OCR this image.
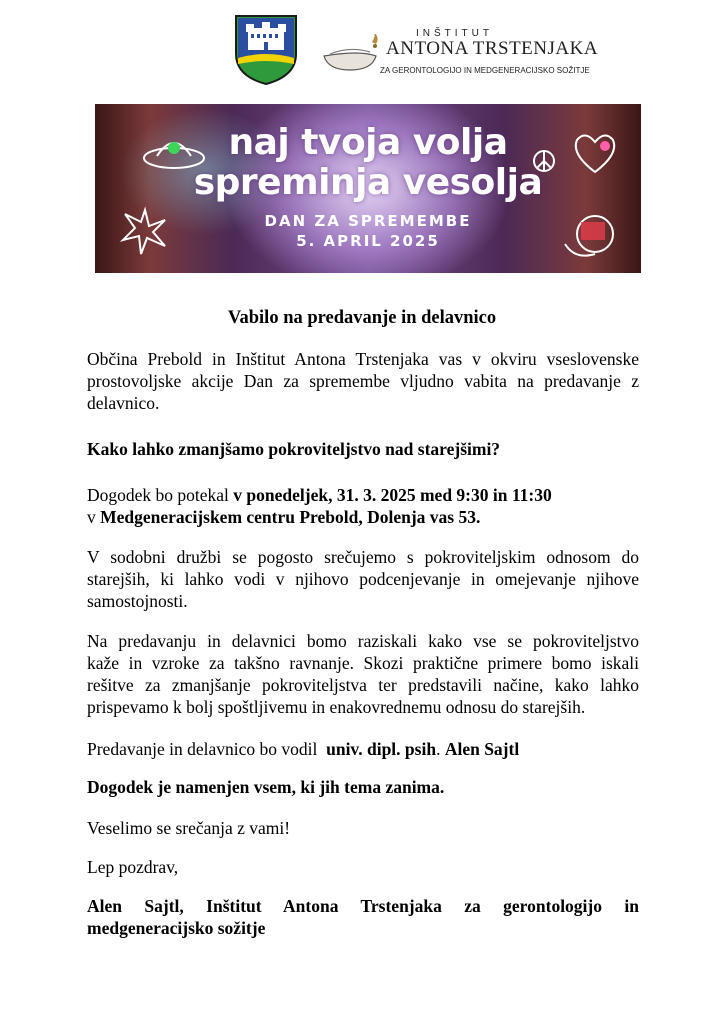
INŠTITUT
ANTONA TRSTENJAKA
ZA GERONTOLOGIJO IN MEDGENERACIJSKO SOŽITJE
naj tvoja volja
spreminja vesolja
DAN ZA SPREMEMBE
5. APRIL 2025
Vabilo na predavanje in delavnico
Občina Prebold in Inštitut Antona Trstenjaka vas v okviru vseslovenske
prostovoljske akcije Dan za spremembe vljudno vabita na predavanje z
delavnico.
Kako lahko zmanjšamo pokroviteljstvo nad starejšimi?
Dogodek bo potekal v ponedeljek, 31. 3. 2025 med 9:30 in 11:30
v Medgeneracijskem centru Prebold, Dolenja vas 53.
V sodobni družbi se pogosto srečujemo s pokroviteljskim odnosom do
starejših, ki lahko vodi v njihovo podcenjevanje in omejevanje njihove
samostojnosti.
Na predavanju in delavnici bomo raziskali kako vse se pokroviteljstvo
kaže in vzroke za takšno ravnanje. Skozi praktične primere bomo iskali
rešitve za zmanjšanje pokroviteljstva ter predstavili načine, kako lahko
prispevamo k bolj spoštljivemu in enakovrednemu odnosu do starejših.
Predavanje in delavnico bo vodil  univ. dipl. psih. Alen Sajtl
Dogodek je namenjen vsem, ki jih tema zanima.
Veselimo se srečanja z vami!
Lep pozdrav,
Alen Sajtl, Inštitut Antona Trstenjaka za gerontologijo in
medgeneracijsko sožitje
